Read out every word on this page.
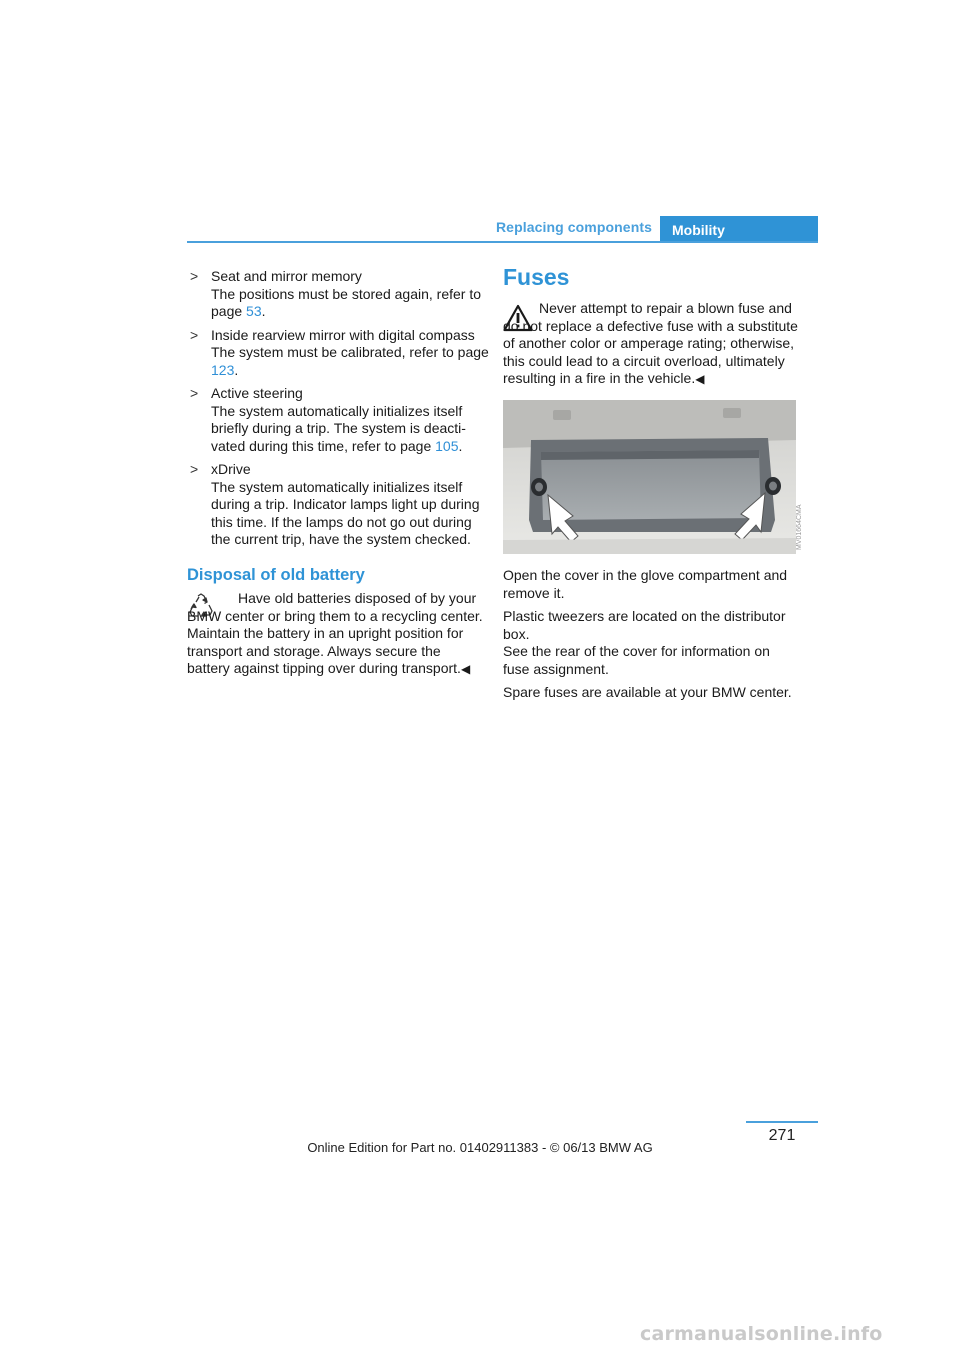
Replacing components	Mobility
> Seat and mirror memory
The positions must be stored again, refer to page 53.
> Inside rearview mirror with digital compass
The system must be calibrated, refer to page 123.
> Active steering
The system automatically initializes itself briefly during a trip. The system is deacti- vated during this time, refer to page 105.
> xDrive
The system automatically initializes itself during a trip. Indicator lamps light up during this time. If the lamps do not go out during the current trip, have the system checked.
Disposal of old battery
Have old batteries disposed of by your BMW center or bring them to a recycling center. Maintain the battery in an upright position for transport and storage. Always secure the battery against tipping over during transport.◀
Fuses
Never attempt to repair a blown fuse and do not replace a defective fuse with a substitute of another color or amperage rating; otherwise, this could lead to a circuit overload, ultimately resulting in a fire in the vehicle.◀
MV01664CMA

Open the cover in the glove compartment and remove it.

Plastic tweezers are located on the distributor box.

See the rear of the cover for information on fuse assignment.

Spare fuses are available at your BMW center.

271
Online Edition for Part no. 01402911383 - © 06/13 BMW AG
carmanualsonline.info
